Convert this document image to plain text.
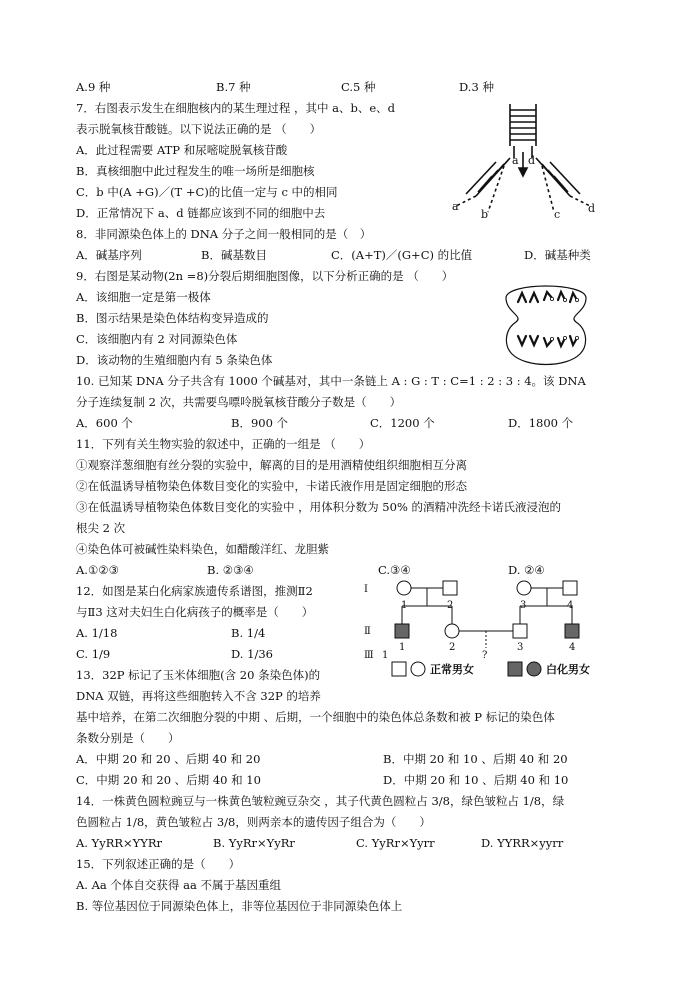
A.9 种	B.7 种	C.5 种	D.3 种
7．右图表示发生在细胞核内的某生理过程 ，其中 a、b、e、d
表示脱氧核苷酸链。以下说法正确的是 （　　）
A．此过程需要 ATP 和尿嘧啶脱氧核苷酸
B．真核细胞中此过程发生的唯一场所是细胞核
C．b 中(A +G)／(T +C)的比值一定与 c 中的相同
D．正常情况下 a、d 链都应该到不同的细胞中去
a d
a
b	c	d
8．非同源染色体上的 DNA 分子之间一般相同的是（　）
A．碱基序列	B．碱基数目	C．(A+T)／(G+C) 的比值	D．碱基种类
9．右图是某动物(2n =8)分裂后期细胞图像，以下分析正确的是 （　　）
A．该细胞一定是第一极体
B．图示结果是染色体结构变异造成的
C．该细胞内有 2 对同源染色体
D．该动物的生殖细胞内有 5 条染色体
10. 已知某 DNA 分子共含有 1000 个碱基对，其中一条链上 A : G : T : C=1 : 2 : 3 : 4。该 DNA
分子连续复制 2 次，共需要鸟嘌呤脱氧核苷酸分子数是（　　）
A．600 个	B．900 个	C．1200 个	D．1800 个
11．下列有关生物实验的叙述中，正确的一组是 （　　）
①观察洋葱细胞有丝分裂的实验中，解离的目的是用酒精使组织细胞相互分离
②在低温诱导植物染色体数目变化的实验中，卡诺氏液作用是固定细胞的形态
③在低温诱导植物染色体数目变化的实验中 ，用体积分数为 50% 的酒精冲洗经卡诺氏液浸泡的
根尖 2 次
④染色体可被碱性染料染色，如醋酸洋红、龙胆紫
A.①②③	B. ②③④	C.③④	D. ②④
12．如图是某白化病家族遗传系谱图，推测Ⅱ2
与Ⅱ3 这对夫妇生白化病孩子的概率是（　　）
A. 1/18	B. 1/4
C. 1/9	D. 1/36
Ⅰ
Ⅱ
Ⅲ
1	2	3	4
1	2	3	4
1	?
正常男女	白化男女
13．32P 标记了玉米体细胞(含 20 条染色体)的
DNA 双链，再将这些细胞转入不含 32P 的培养
基中培养，在第二次细胞分裂的中期 、后期，一个细胞中的染色体总条数和被 P 标记的染色体
条数分别是（　　）
A．中期 20 和 20 、后期 40 和 20	B．中期 20 和 10 、后期 40 和 20
C．中期 20 和 20 、后期 40 和 10	D．中期 20 和 10 、后期 40 和 10
14．一株黄色圆粒豌豆与一株黄色皱粒豌豆杂交 ，其子代黄色圆粒占 3/8，绿色皱粒占 1/8，绿
色圆粒占 1/8，黄色皱粒占 3/8，则两亲本的遗传因子组合为（　　）
A. YyRR×YYRr	B. YyRr×YyRr	C. YyRr×Yyrr	D. YYRR×yyrr
15．下列叙述正确的是（　　）
A. Aa 个体自交获得 aa 不属于基因重组
B. 等位基因位于同源染色体上，非等位基因位于非同源染色体上
